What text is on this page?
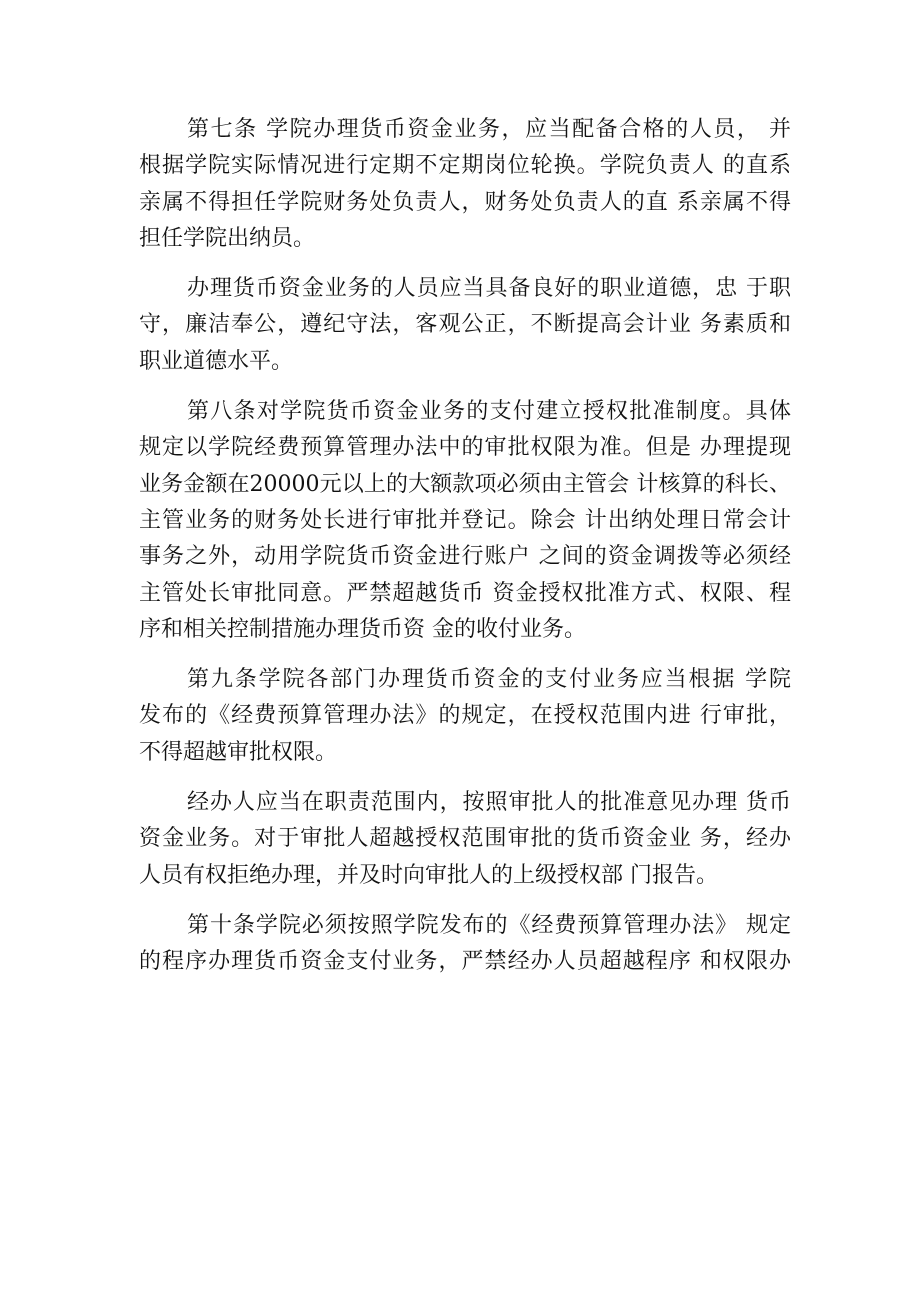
第七条 学院办理货币资金业务，应当配备合格的人员， 并
根据学院实际情况进行定期不定期岗位轮换。学院负责人 的直系
亲属不得担任学院财务处负责人，财务处负责人的直 系亲属不得
担任学院出纳员。

办理货币资金业务的人员应当具备良好的职业道德，忠 于职
守，廉洁奉公，遵纪守法，客观公正，不断提高会计业 务素质和
职业道德水平。

第八条对学院货币资金业务的支付建立授权批准制度。具体
规定以学院经费预算管理办法中的审批权限为准。但是 办理提现
业务金额在20000元以上的大额款项必须由主管会 计核算的科长、
主管业务的财务处长进行审批并登记。除会 计出纳处理日常会计
事务之外，动用学院货币资金进行账户 之间的资金调拨等必须经
主管处长审批同意。严禁超越货币 资金授权批准方式、权限、程
序和相关控制措施办理货币资 金的收付业务。

第九条学院各部门办理货币资金的支付业务应当根据 学院
发布的《经费预算管理办法》的规定，在授权范围内进 行审批，
不得超越审批权限。

经办人应当在职责范围内，按照审批人的批准意见办理 货币
资金业务。对于审批人超越授权范围审批的货币资金业 务，经办
人员有权拒绝办理，并及时向审批人的上级授权部 门报告。

第十条学院必须按照学院发布的《经费预算管理办法》 规定
的程序办理货币资金支付业务，严禁经办人员超越程序 和权限办
